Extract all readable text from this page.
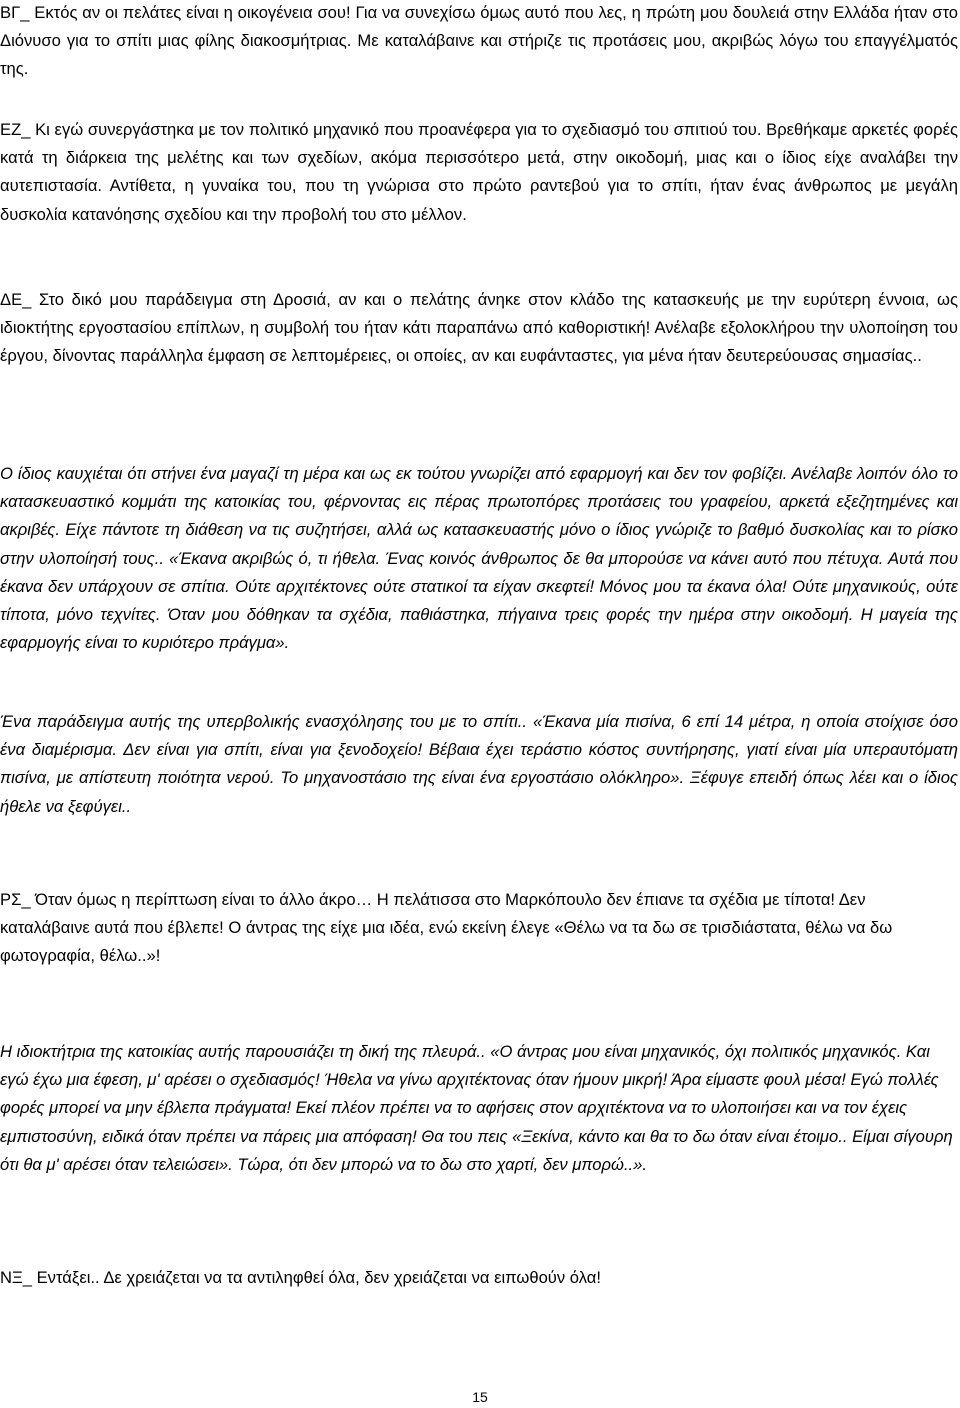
ΒΓ_ Εκτός αν οι πελάτες είναι η οικογένεια σου! Για να συνεχίσω όμως αυτό που λες, η πρώτη μου δουλειά στην Ελλάδα ήταν στο Διόνυσο για το σπίτι μιας φίλης διακοσμήτριας. Με καταλάβαινε και στήριζε τις προτάσεις μου, ακριβώς λόγω του επαγγέλματός της.

ΕΖ_ Κι εγώ συνεργάστηκα με τον πολιτικό μηχανικό που προανέφερα για το σχεδιασμό του σπιτιού του. Βρεθήκαμε αρκετές φορές κατά τη διάρκεια της μελέτης και των σχεδίων, ακόμα περισσότερο μετά, στην οικοδομή, μιας και ο ίδιος είχε αναλάβει την αυτεπιστασία. Αντίθετα, η γυναίκα του, που τη γνώρισα στο πρώτο ραντεβού για το σπίτι, ήταν ένας άνθρωπος με μεγάλη δυσκολία κατανόησης σχεδίου και την προβολή του στο μέλλον.

ΔΕ_ Στο δικό μου παράδειγμα στη Δροσιά, αν και ο πελάτης άνηκε στον κλάδο της κατασκευής με την ευρύτερη έννοια, ως ιδιοκτήτης εργοστασίου επίπλων, η συμβολή του ήταν κάτι παραπάνω από καθοριστική! Ανέλαβε εξολοκλήρου την υλοποίηση του έργου, δίνοντας παράλληλα έμφαση σε λεπτομέρειες, οι οποίες, αν και ευφάνταστες, για μένα ήταν δευτερεύουσας σημασίας..

Ο ίδιος καυχιέται ότι στήνει ένα μαγαζί τη μέρα και ως εκ τούτου γνωρίζει από εφαρμογή και δεν τον φοβίζει. Ανέλαβε λοιπόν όλο το κατασκευαστικό κομμάτι της κατοικίας του, φέρνοντας εις πέρας πρωτοπόρες προτάσεις του γραφείου, αρκετά εξεζητημένες και ακριβές. Είχε πάντοτε τη διάθεση να τις συζητήσει, αλλά ως κατασκευαστής μόνο ο ίδιος γνώριζε το βαθμό δυσκολίας και το ρίσκο στην υλοποίησή τους.. «Έκανα ακριβώς ό, τι ήθελα. Ένας κοινός άνθρωπος δε θα μπορούσε να κάνει αυτό που πέτυχα. Αυτά που έκανα δεν υπάρχουν σε σπίτια. Ούτε αρχιτέκτονες ούτε στατικοί τα είχαν σκεφτεί! Μόνος μου τα έκανα όλα! Ούτε μηχανικούς, ούτε τίποτα, μόνο τεχνίτες. Όταν μου δόθηκαν τα σχέδια, παθιάστηκα, πήγαινα τρεις φορές την ημέρα στην οικοδομή. Η μαγεία της εφαρμογής είναι το κυριότερο πράγμα».

Ένα παράδειγμα αυτής της υπερβολικής ενασχόλησης του με το σπίτι.. «Έκανα μία πισίνα, 6 επί 14 μέτρα, η οποία στοίχισε όσο ένα διαμέρισμα. Δεν είναι για σπίτι, είναι για ξενοδοχείο! Βέβαια έχει τεράστιο κόστος συντήρησης, γιατί είναι μία υπεραυτόματη πισίνα, με απίστευτη ποιότητα νερού. Το μηχανοστάσιο της είναι ένα εργοστάσιο ολόκληρο». Ξέφυγε επειδή όπως λέει και ο ίδιος ήθελε να ξεφύγει..

ΡΣ_ Όταν όμως η περίπτωση είναι το άλλο άκρο… Η πελάτισσα στο Μαρκόπουλο δεν έπιανε τα σχέδια με τίποτα! Δεν καταλάβαινε αυτά που έβλεπε! Ο άντρας της είχε μια ιδέα, ενώ εκείνη έλεγε «Θέλω να τα δω σε τρισδιάστατα, θέλω να δω φωτογραφία, θέλω..»!

Η ιδιοκτήτρια της κατοικίας αυτής παρουσιάζει τη δική της πλευρά.. «Ο άντρας μου είναι μηχανικός, όχι πολιτικός μηχανικός. Και εγώ έχω μια έφεση, μ' αρέσει ο σχεδιασμός! Ήθελα να γίνω αρχιτέκτονας όταν ήμουν μικρή! Άρα είμαστε φουλ μέσα! Εγώ πολλές φορές μπορεί να μην έβλεπα πράγματα! Εκεί πλέον πρέπει να το αφήσεις στον αρχιτέκτονα να το υλοποιήσει και να τον έχεις εμπιστοσύνη, ειδικά όταν πρέπει να πάρεις μια απόφαση! Θα του πεις «Ξεκίνα, κάντο και θα το δω όταν είναι έτοιμο.. Είμαι σίγουρη ότι θα μ' αρέσει όταν τελειώσει». Τώρα, ότι δεν μπορώ να το δω στο χαρτί, δεν μπορώ..».

ΝΞ_ Εντάξει.. Δε χρειάζεται να τα αντιληφθεί όλα, δεν χρειάζεται να ειπωθούν όλα!

15
